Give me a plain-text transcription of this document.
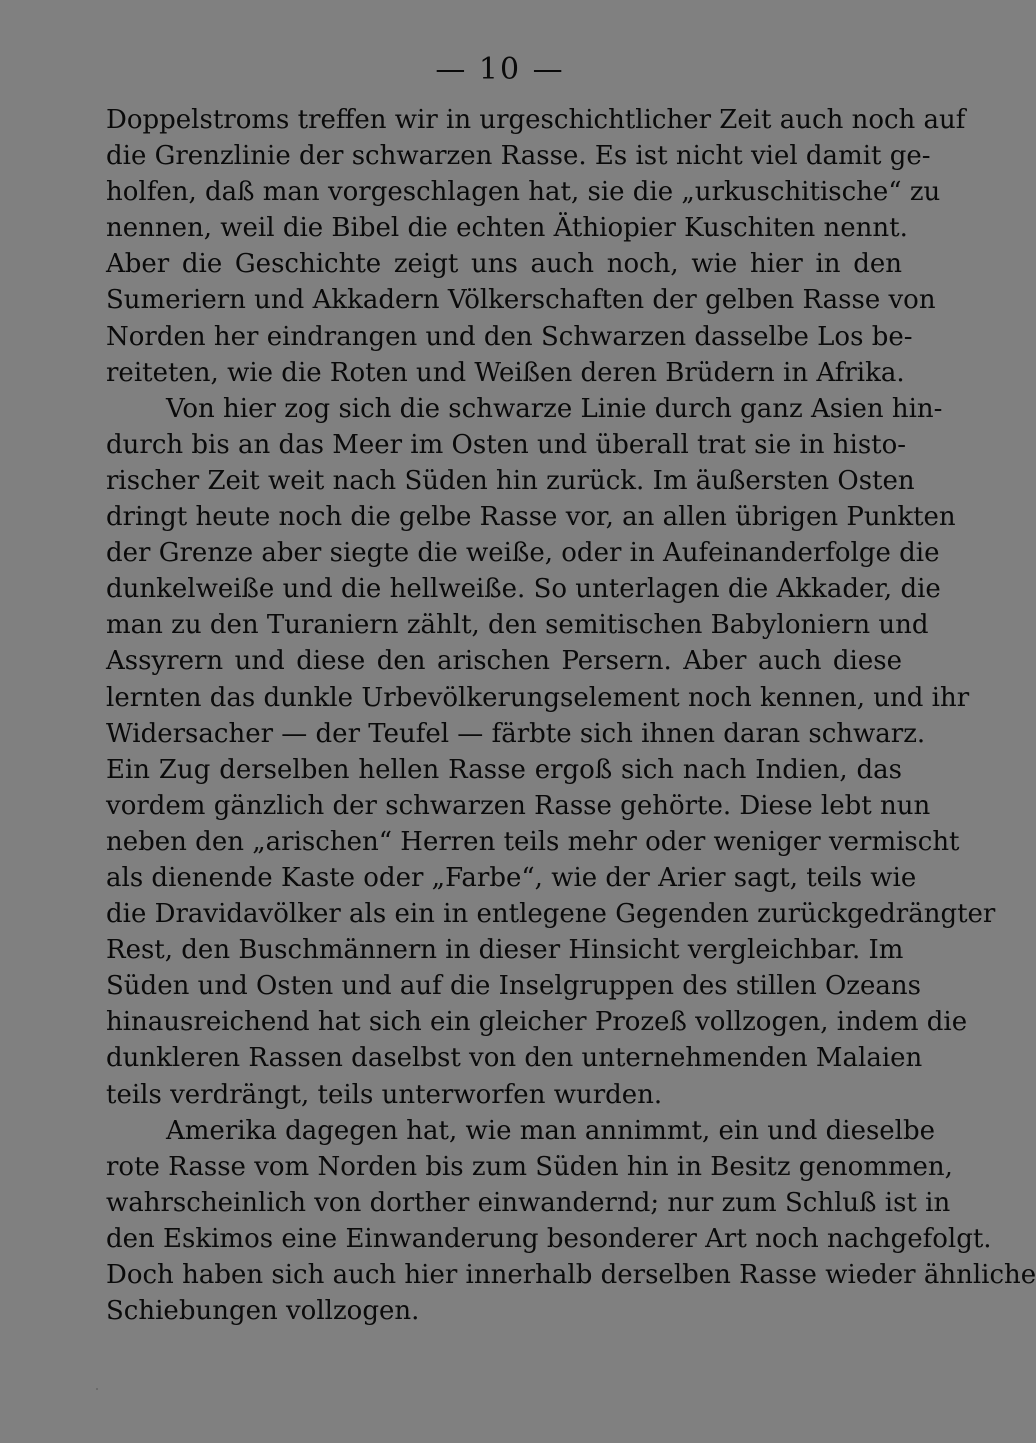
— 10 —
Doppelstroms treffen wir in urgeschichtlicher Zeit auch noch auf
die Grenzlinie der schwarzen Rasse. Es ist nicht viel damit ge-
holfen, daß man vorgeschlagen hat, sie die „urkuschitische“ zu
nennen, weil die Bibel die echten Äthiopier Kuschiten nennt.
Aber die Geschichte zeigt uns auch noch, wie hier in den
Sumeriern und Akkadern Völkerschaften der gelben Rasse von
Norden her eindrangen und den Schwarzen dasselbe Los be-
reiteten, wie die Roten und Weißen deren Brüdern in Afrika.
Von hier zog sich die schwarze Linie durch ganz Asien hin-
durch bis an das Meer im Osten und überall trat sie in histo-
rischer Zeit weit nach Süden hin zurück. Im äußersten Osten
dringt heute noch die gelbe Rasse vor, an allen übrigen Punkten
der Grenze aber siegte die weiße, oder in Aufeinanderfolge die
dunkelweiße und die hellweiße. So unterlagen die Akkader, die
man zu den Turaniern zählt, den semitischen Babyloniern und
Assyrern und diese den arischen Persern. Aber auch diese
lernten das dunkle Urbevölkerungselement noch kennen, und ihr
Widersacher — der Teufel — färbte sich ihnen daran schwarz.
Ein Zug derselben hellen Rasse ergoß sich nach Indien, das
vordem gänzlich der schwarzen Rasse gehörte. Diese lebt nun
neben den „arischen“ Herren teils mehr oder weniger vermischt
als dienende Kaste oder „Farbe“, wie der Arier sagt, teils wie
die Dravidavölker als ein in entlegene Gegenden zurückgedrängter
Rest, den Buschmännern in dieser Hinsicht vergleichbar. Im
Süden und Osten und auf die Inselgruppen des stillen Ozeans
hinausreichend hat sich ein gleicher Prozeß vollzogen, indem die
dunkleren Rassen daselbst von den unternehmenden Malaien
teils verdrängt, teils unterworfen wurden.
Amerika dagegen hat, wie man annimmt, ein und dieselbe
rote Rasse vom Norden bis zum Süden hin in Besitz genommen,
wahrscheinlich von dorther einwandernd; nur zum Schluß ist in
den Eskimos eine Einwanderung besonderer Art noch nachgefolgt.
Doch haben sich auch hier innerhalb derselben Rasse wieder ähnliche
Schiebungen vollzogen.
